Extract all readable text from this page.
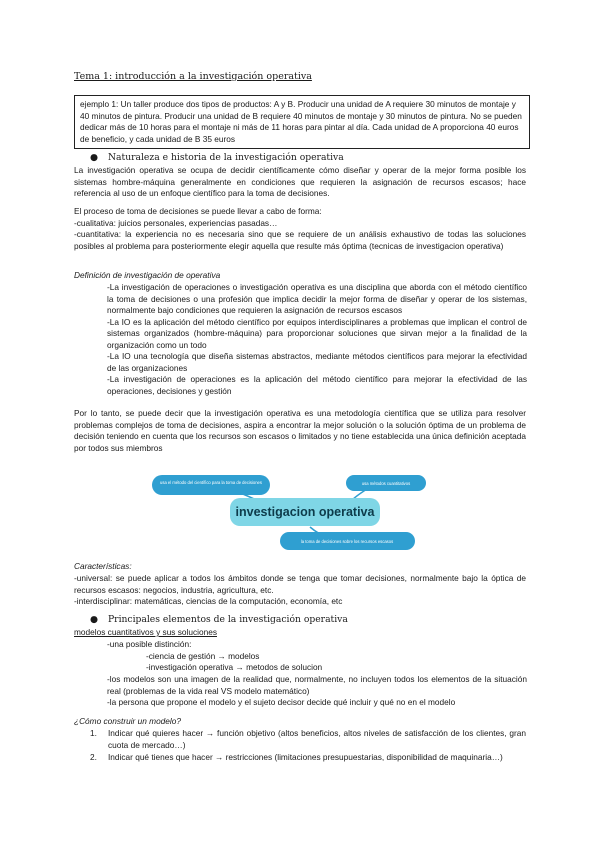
Tema 1: introducción a la investigación operativa
ejemplo 1: Un taller produce dos tipos de productos: A y B. Producir una unidad de A requiere 30 minutos de montaje y 40 minutos de pintura. Producir una unidad de B requiere 40 minutos de montaje y 30 minutos de pintura. No se pueden dedicar más de 10 horas para el montaje ni más de 11 horas para pintar al día. Cada unidad de A proporciona 40 euros de beneficio, y cada unidad de B 35 euros
● Naturaleza e historia de la investigación operativa
La investigación operativa se ocupa de decidir científicamente cómo diseñar y operar de la mejor forma posible los sistemas hombre-máquina generalmente en condiciones que requieren la asignación de recursos escasos; hace referencia al uso de un enfoque científico para la toma de decisiones.
El proceso de toma de decisiones se puede llevar a cabo de forma:
-cualitativa: juicios personales, experiencias pasadas…
-cuantitativa: la experiencia no es necesaria sino que se requiere de un análisis exhaustivo de todas las soluciones posibles al problema para posteriormente elegir aquella que resulte más óptima (tecnicas de investigacion operativa)
Definición de investigación de operativa

-La investigación de operaciones o investigación operativa es una disciplina que aborda con el método científico la toma de decisiones o una profesión que implica decidir la mejor forma de diseñar y operar de los sistemas, normalmente bajo condiciones que requieren la asignación de recursos escasos

-La IO es la aplicación del método científico por equipos interdisciplinares a problemas que implican el control de sistemas organizados (hombre-máquina) para proporcionar soluciones que sirvan mejor a la finalidad de la organización como un todo

-La IO una tecnología que diseña sistemas abstractos, mediante métodos científicos para mejorar la efectividad de las organizaciones

-La investigación de operaciones es la aplicación del método científico para mejorar la efectividad de las operaciones, decisiones y gestión

Por lo tanto, se puede decir que la investigación operativa es una metodología científica que se utiliza para resolver problemas complejos de toma de decisiones, aspira a encontrar la mejor solución o la solución óptima de un problema de decisión teniendo en cuenta que los recursos son escasos o limitados y no tiene establecida una única definición aceptada por todos sus miembros
usa el método del científico para la toma de decisiones	usa métodos cuantitativos
investigacion operativa
la toma de decisiones sobre los recursos escasos
Características:
-universal: se puede aplicar a todos los ámbitos donde se tenga que tomar decisiones, normalmente bajo la óptica de recursos escasos: negocios, industria, agricultura, etc.
-interdisciplinar: matemáticas, ciencias de la computación, economía, etc
● Principales elementos de la investigación operativa
modelos cuantitativos y sus soluciones
-una posible distinción:
-ciencia de gestión → modelos
-investigación operativa → metodos de solucion

-los modelos son una imagen de la realidad que, normalmente, no incluyen todos los elementos de la situación real (problemas de la vida real VS modelo matemático)

-la persona que propone el modelo y el sujeto decisor decide qué incluir y qué no en el modelo

¿Cómo construir un modelo?
1. Indicar qué quieres hacer → función objetivo (altos beneficios, altos niveles de satisfacción de los clientes, gran cuota de mercado…)
2. Indicar qué tienes que hacer → restricciones (limitaciones presupuestarias, disponibilidad de maquinaria…)
